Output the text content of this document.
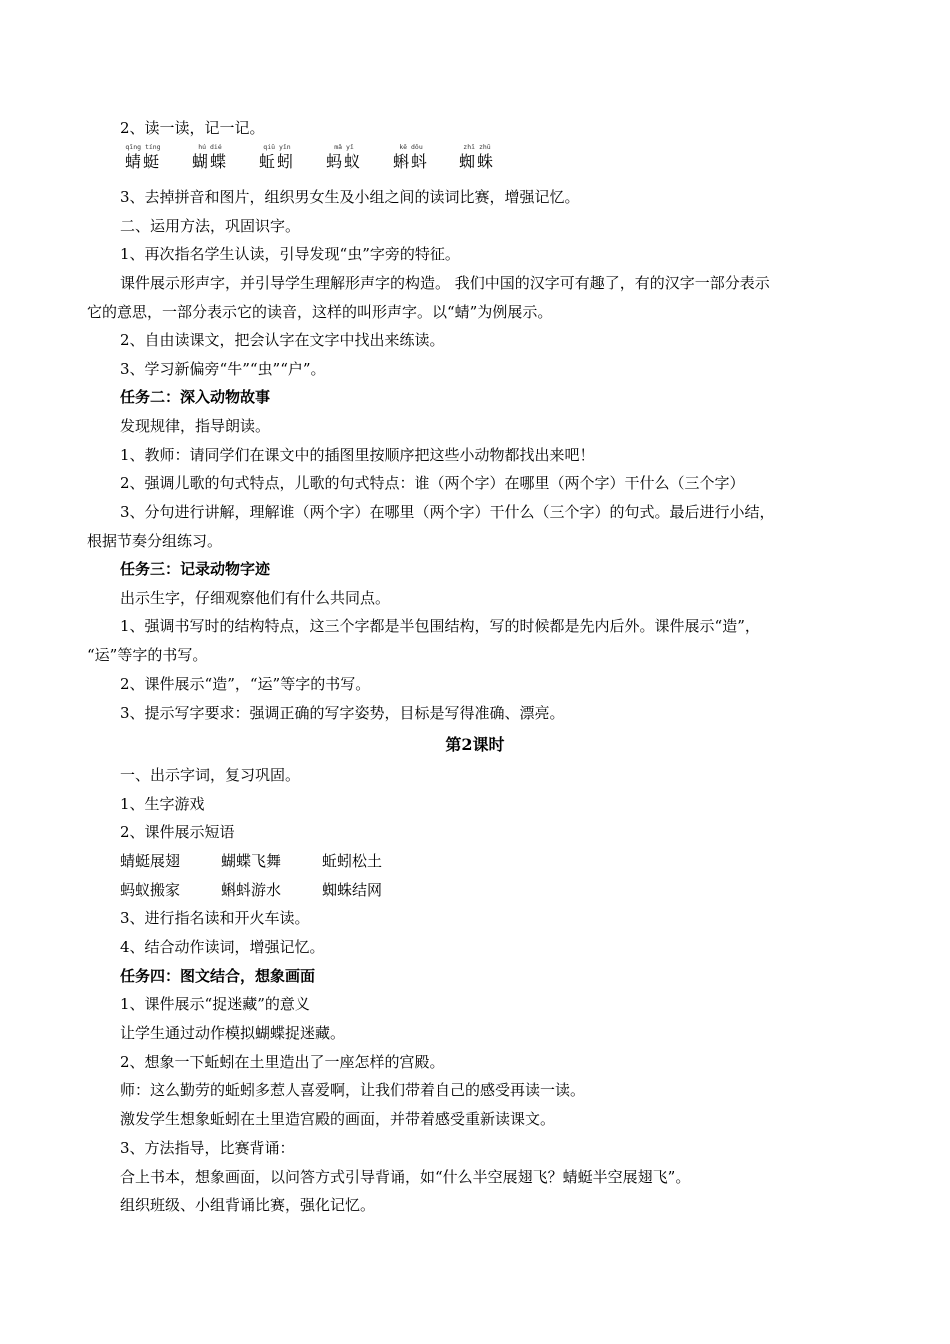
2、读一读，记一记。
qīng tíng
蜻蜓
hú dié
蝴蝶
qiū yǐn
蚯蚓
mǎ yǐ
蚂蚁
kē dǒu
蝌蚪
zhī zhū
蜘蛛
3、去掉拼音和图片，组织男女生及小组之间的读词比赛，增强记忆。
二、运用方法，巩固识字。
1、再次指名学生认读，引导发现“虫”字旁的特征。
课件展示形声字，并引导学生理解形声字的构造。 我们中国的汉字可有趣了，有的汉字一部分表示
它的意思，一部分表示它的读音，这样的叫形声字。以“蜻”为例展示。
2、自由读课文，把会认字在文字中找出来练读。
3、学习新偏旁“牛”“虫”“户”。
任务二：深入动物故事
发现规律，指导朗读。
1、教师：请同学们在课文中的插图里按顺序把这些小动物都找出来吧！
2、强调儿歌的句式特点，儿歌的句式特点：谁（两个字）在哪里（两个字）干什么（三个字）
3、分句进行讲解，理解谁（两个字）在哪里（两个字）干什么（三个字）的句式。最后进行小结，
根据节奏分组练习。
任务三：记录动物字迹
出示生字，仔细观察他们有什么共同点。
1、强调书写时的结构特点，这三个字都是半包围结构，写的时候都是先内后外。课件展示“造”，
“运”等字的书写。
2、课件展示“造”，“运”等字的书写。
3、提示写字要求：强调正确的写字姿势，目标是写得准确、漂亮。
第2课时
一、出示字词，复习巩固。
1、生字游戏
2、课件展示短语
蜻蜓展翅	蝴蝶飞舞	蚯蚓松土
蚂蚁搬家	蝌蚪游水	蜘蛛结网
3、进行指名读和开火车读。
4、结合动作读词，增强记忆。
任务四：图文结合，想象画面
1、课件展示“捉迷藏”的意义
让学生通过动作模拟蝴蝶捉迷藏。
2、想象一下蚯蚓在土里造出了一座怎样的宫殿。
师：这么勤劳的蚯蚓多惹人喜爱啊，让我们带着自己的感受再读一读。
激发学生想象蚯蚓在土里造宫殿的画面，并带着感受重新读课文。
3、方法指导，比赛背诵：
合上书本，想象画面，以问答方式引导背诵，如“什么半空展翅飞？蜻蜓半空展翅飞”。
组织班级、小组背诵比赛，强化记忆。
